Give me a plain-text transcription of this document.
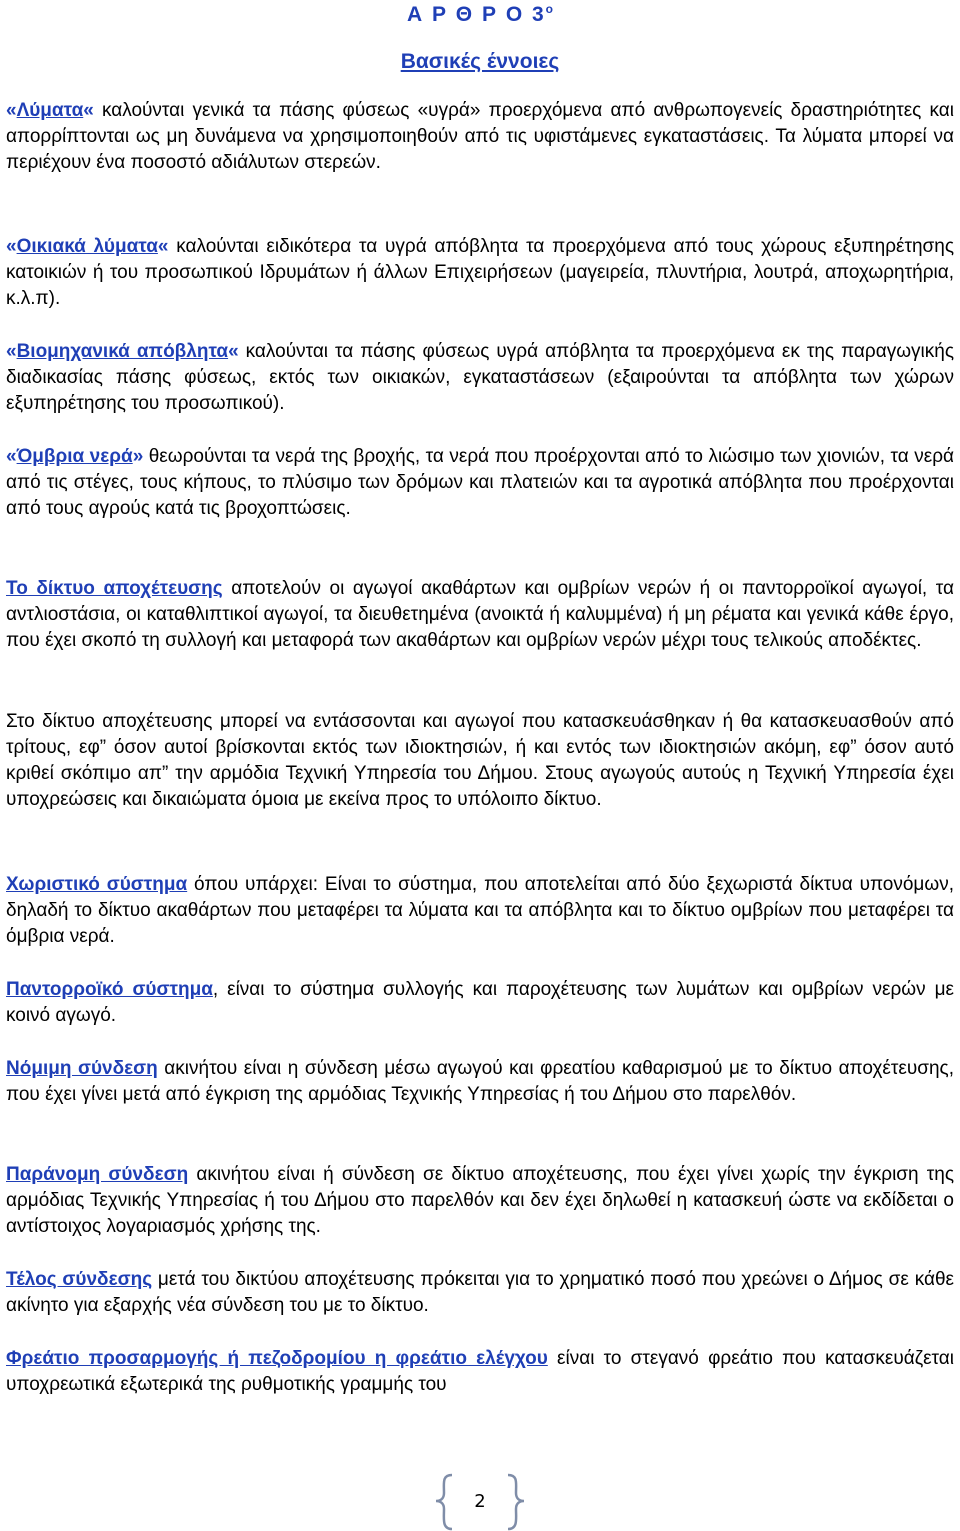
Α Ρ Θ Ρ Ο $3^o$
Βασικές έννοιες

«Λύματα« καλούνται γενικά τα πάσης φύσεως «υγρά» προερχόμενα από ανθρωπογενείς δραστηριότητες και απορρίπτονται ως μη δυνάμενα να χρησιμοποιηθούν από τις υφιστάμενες εγκαταστάσεις. Τα λύματα μπορεί να περιέχουν ένα ποσοστό αδιάλυτων στερεών.

«Οικιακά λύματα« καλούνται ειδικότερα τα υγρά απόβλητα τα προερχόμενα από τους χώρους εξυπηρέτησης κατοικιών ή του προσωπικού Ιδρυμάτων ή άλλων Επιχειρήσεων (μαγειρεία, πλυντήρια, λουτρά, αποχωρητήρια, κ.λ.π).

«Βιομηχανικά απόβλητα« καλούνται τα πάσης φύσεως υγρά απόβλητα τα προερχόμενα εκ της παραγωγικής διαδικασίας πάσης φύσεως, εκτός των οικιακών, εγκαταστάσεων (εξαιρούνται τα απόβλητα των χώρων εξυπηρέτησης του προσωπικού).

«Όμβρια νερά» θεωρούνται τα νερά της βροχής, τα νερά που προέρχονται από το λιώσιμο των χιονιών, τα νερά από τις στέγες, τους κήπους, το πλύσιμο των δρόμων και πλατειών και τα αγροτικά απόβλητα που προέρχονται από τους αγρούς κατά τις βροχοπτώσεις.

Το δίκτυο αποχέτευσης αποτελούν οι αγωγοί ακαθάρτων και ομβρίων νερών ή οι παντορροϊκοί αγωγοί, τα αντλιοστάσια, οι καταθλιπτικοί αγωγοί, τα διευθετημένα (ανοικτά ή καλυμμένα) ή μη ρέματα και γενικά κάθε έργο, που έχει σκοπό τη συλλογή και μεταφορά των ακαθάρτων και ομβρίων νερών μέχρι τους τελικούς αποδέκτες.

Στο δίκτυο αποχέτευσης μπορεί να εντάσσονται και αγωγοί που κατασκευάσθηκαν ή θα κατασκευασθούν από τρίτους, εφ” όσον αυτοί βρίσκονται εκτός των ιδιοκτησιών, ή και εντός των ιδιοκτησιών ακόμη, εφ” όσον αυτό κριθεί σκόπιμο απ” την αρμόδια Τεχνική Υπηρεσία του Δήμου. Στους αγωγούς αυτούς η Τεχνική Υπηρεσία έχει υποχρεώσεις και δικαιώματα όμοια με εκείνα προς το υπόλοιπο δίκτυο.

Χωριστικό σύστημα όπου υπάρχει: Είναι το σύστημα, που αποτελείται από δύο ξεχωριστά δίκτυα υπονόμων, δηλαδή το δίκτυο ακαθάρτων που μεταφέρει τα λύματα και τα απόβλητα και το δίκτυο ομβρίων που μεταφέρει τα όμβρια νερά.

Παντορροϊκό σύστημα, είναι το σύστημα συλλογής και παροχέτευσης των λυμάτων και ομβρίων νερών με κοινό αγωγό.

Νόμιμη σύνδεση ακινήτου είναι η σύνδεση μέσω αγωγού και φρεατίου καθαρισμού με το δίκτυο αποχέτευσης, που έχει γίνει μετά από έγκριση της αρμόδιας Τεχνικής Υπηρεσίας ή του Δήμου στο παρελθόν.

Παράνομη σύνδεση ακινήτου είναι ή σύνδεση σε δίκτυο αποχέτευσης, που έχει γίνει χωρίς την έγκριση της αρμόδιας Τεχνικής Υπηρεσίας ή του Δήμου στο παρελθόν και δεν έχει δηλωθεί η κατασκευή ώστε να εκδίδεται ο αντίστοιχος λογαριασμός χρήσης της.

Τέλος σύνδεσης μετά του δικτύου αποχέτευσης πρόκειται για το χρηματικό ποσό που χρεώνει ο Δήμος σε κάθε ακίνητο για εξαρχής νέα σύνδεση του με το δίκτυο.

Φρεάτιο προσαρμογής ή πεζοδρομίου η φρεάτιο ελέγχου είναι το στεγανό φρεάτιο που κατασκευάζεται υποχρεωτικά εξωτερικά της ρυθμοτικής γραμμής του

2
